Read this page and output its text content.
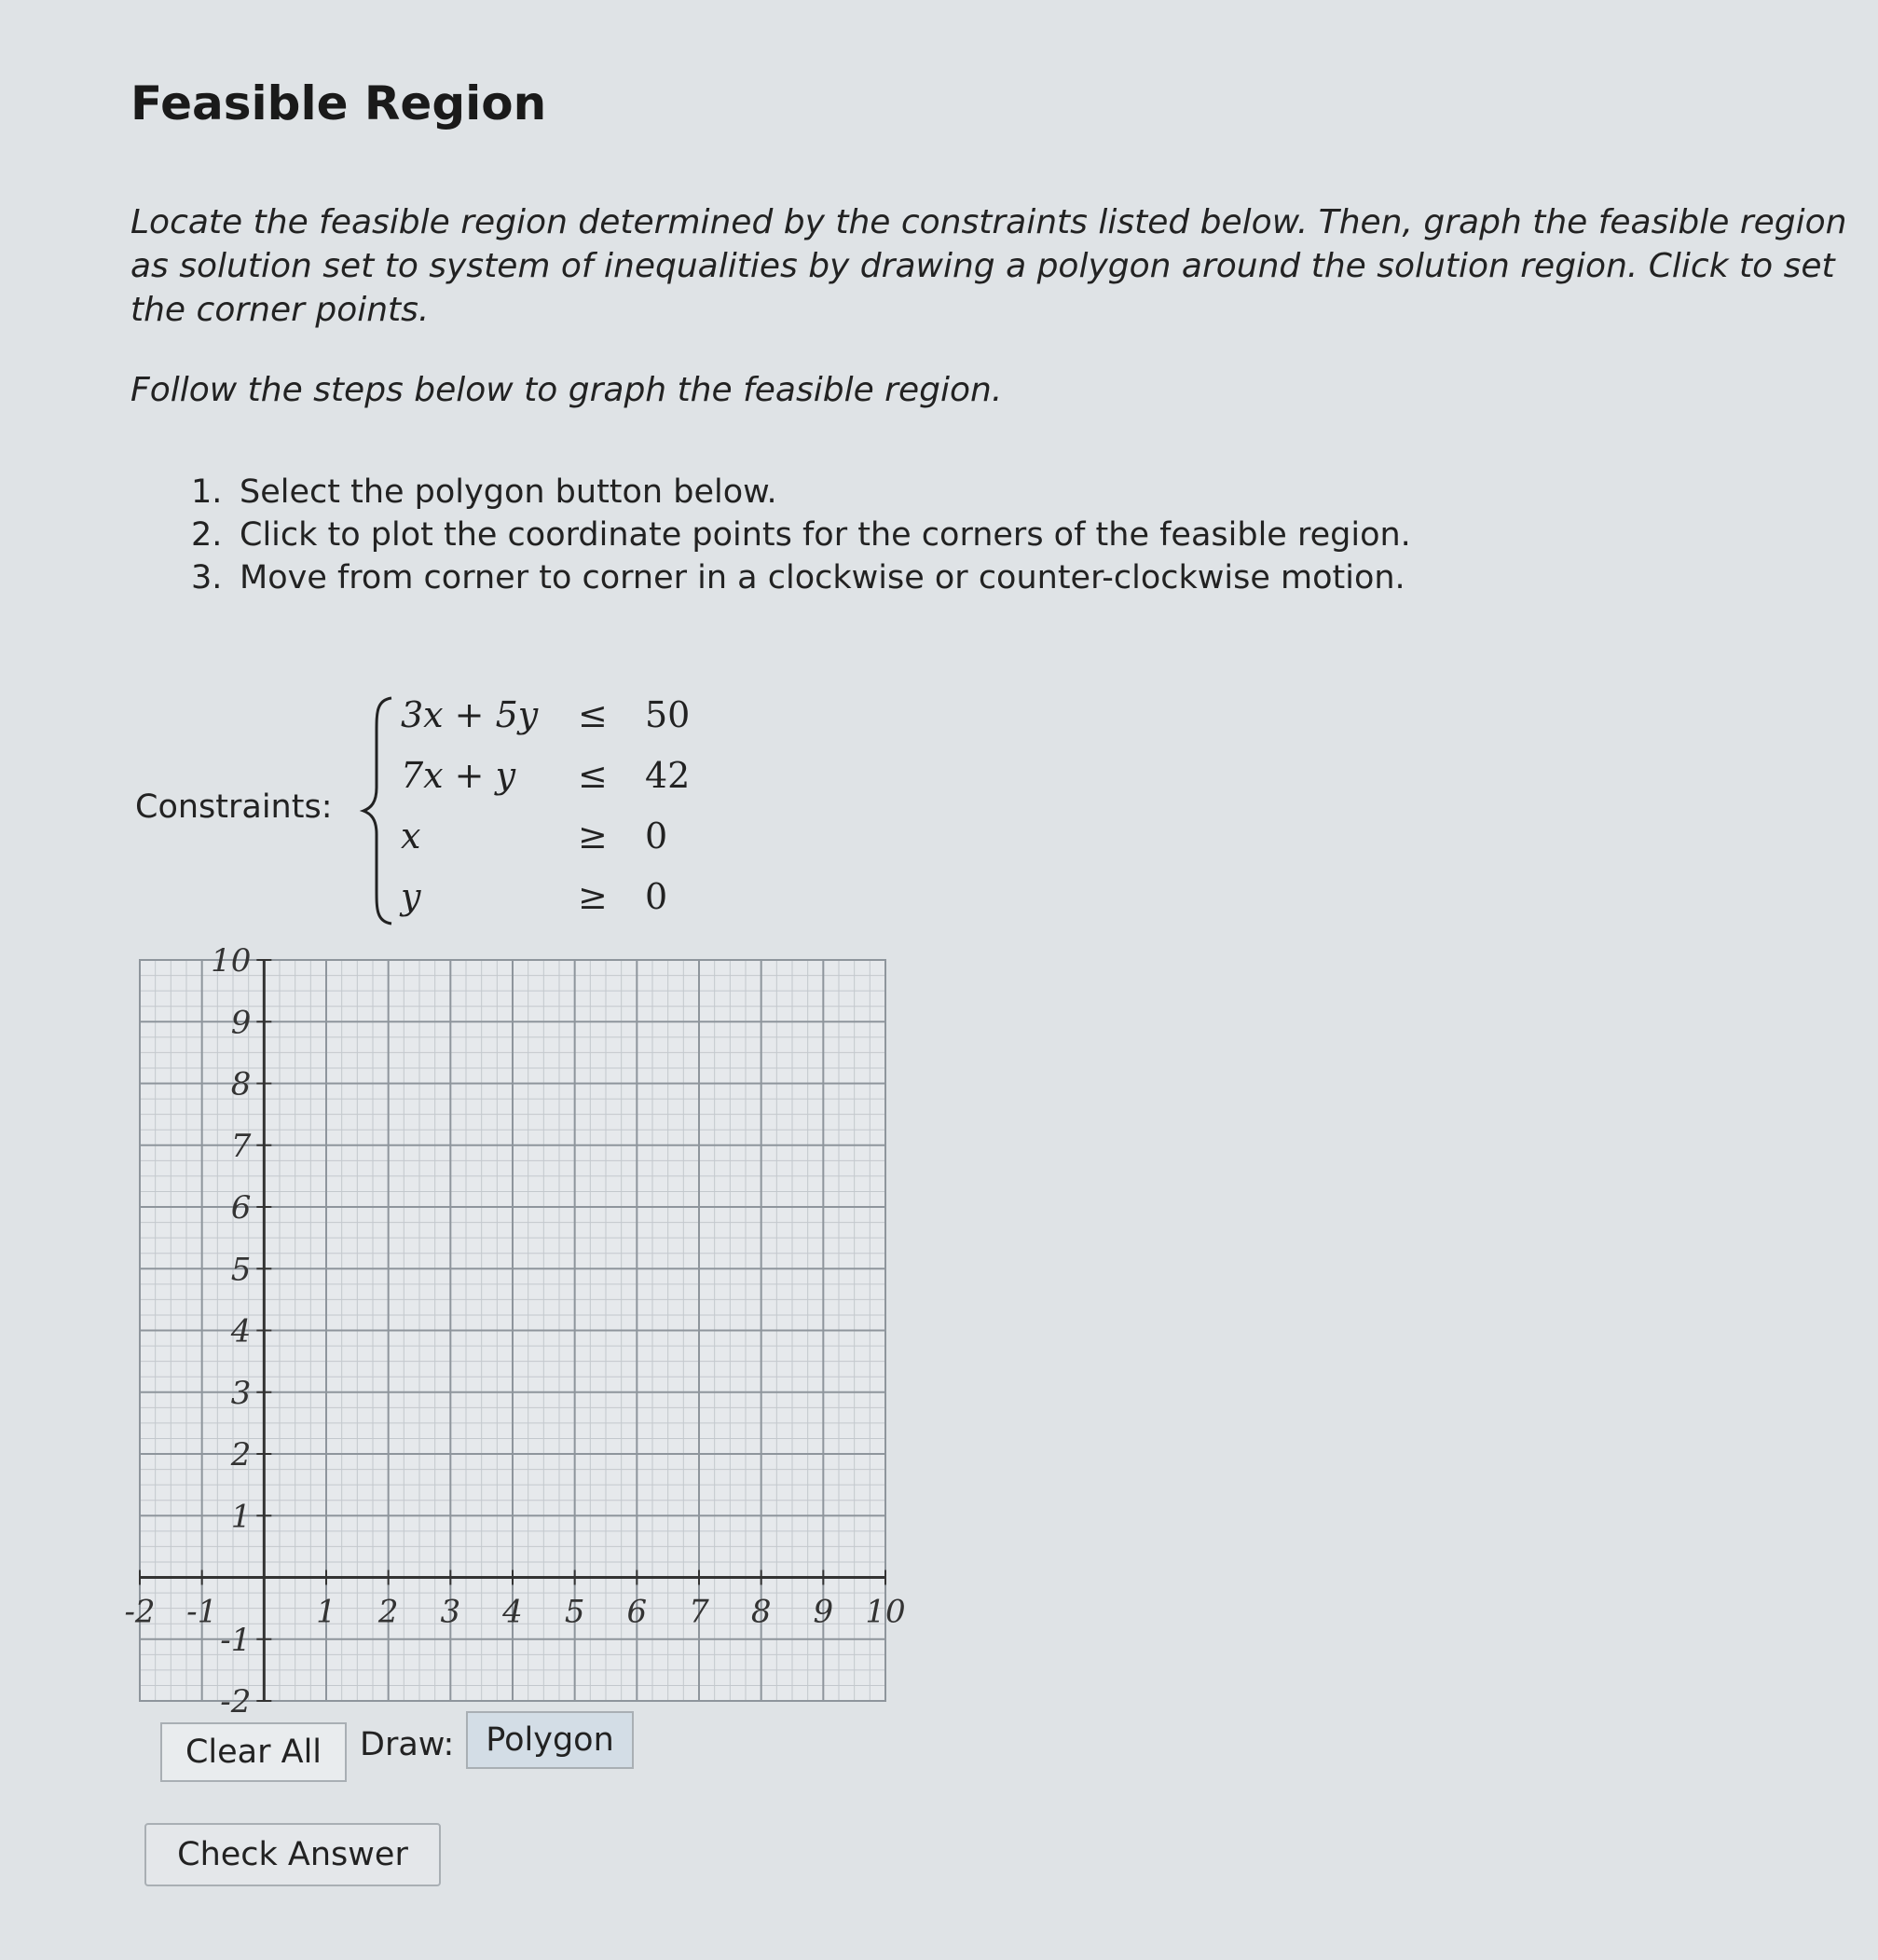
Feasible Region
Locate the feasible region determined by the constraints listed below. Then, graph the feasible region as solution set to system of inequalities by drawing a polygon around the solution region. Click to set the corner points.
Follow the steps below to graph the feasible region.
1. Select the polygon button below.
2. Click to plot the coordinate points for the corners of the feasible region.
3. Move from corner to corner in a clockwise or counter-clockwise motion.
Constraints:
3x + 5y	≤	50
7x + y	≤	42
x	≥	0
y	≥	0
-2 -1	1 2 3 4 5 6 7 8 9 10
10
9
8
7
6
5
4
3
2
1
-1
-2
Clear All	Draw: Polygon
Check Answer
